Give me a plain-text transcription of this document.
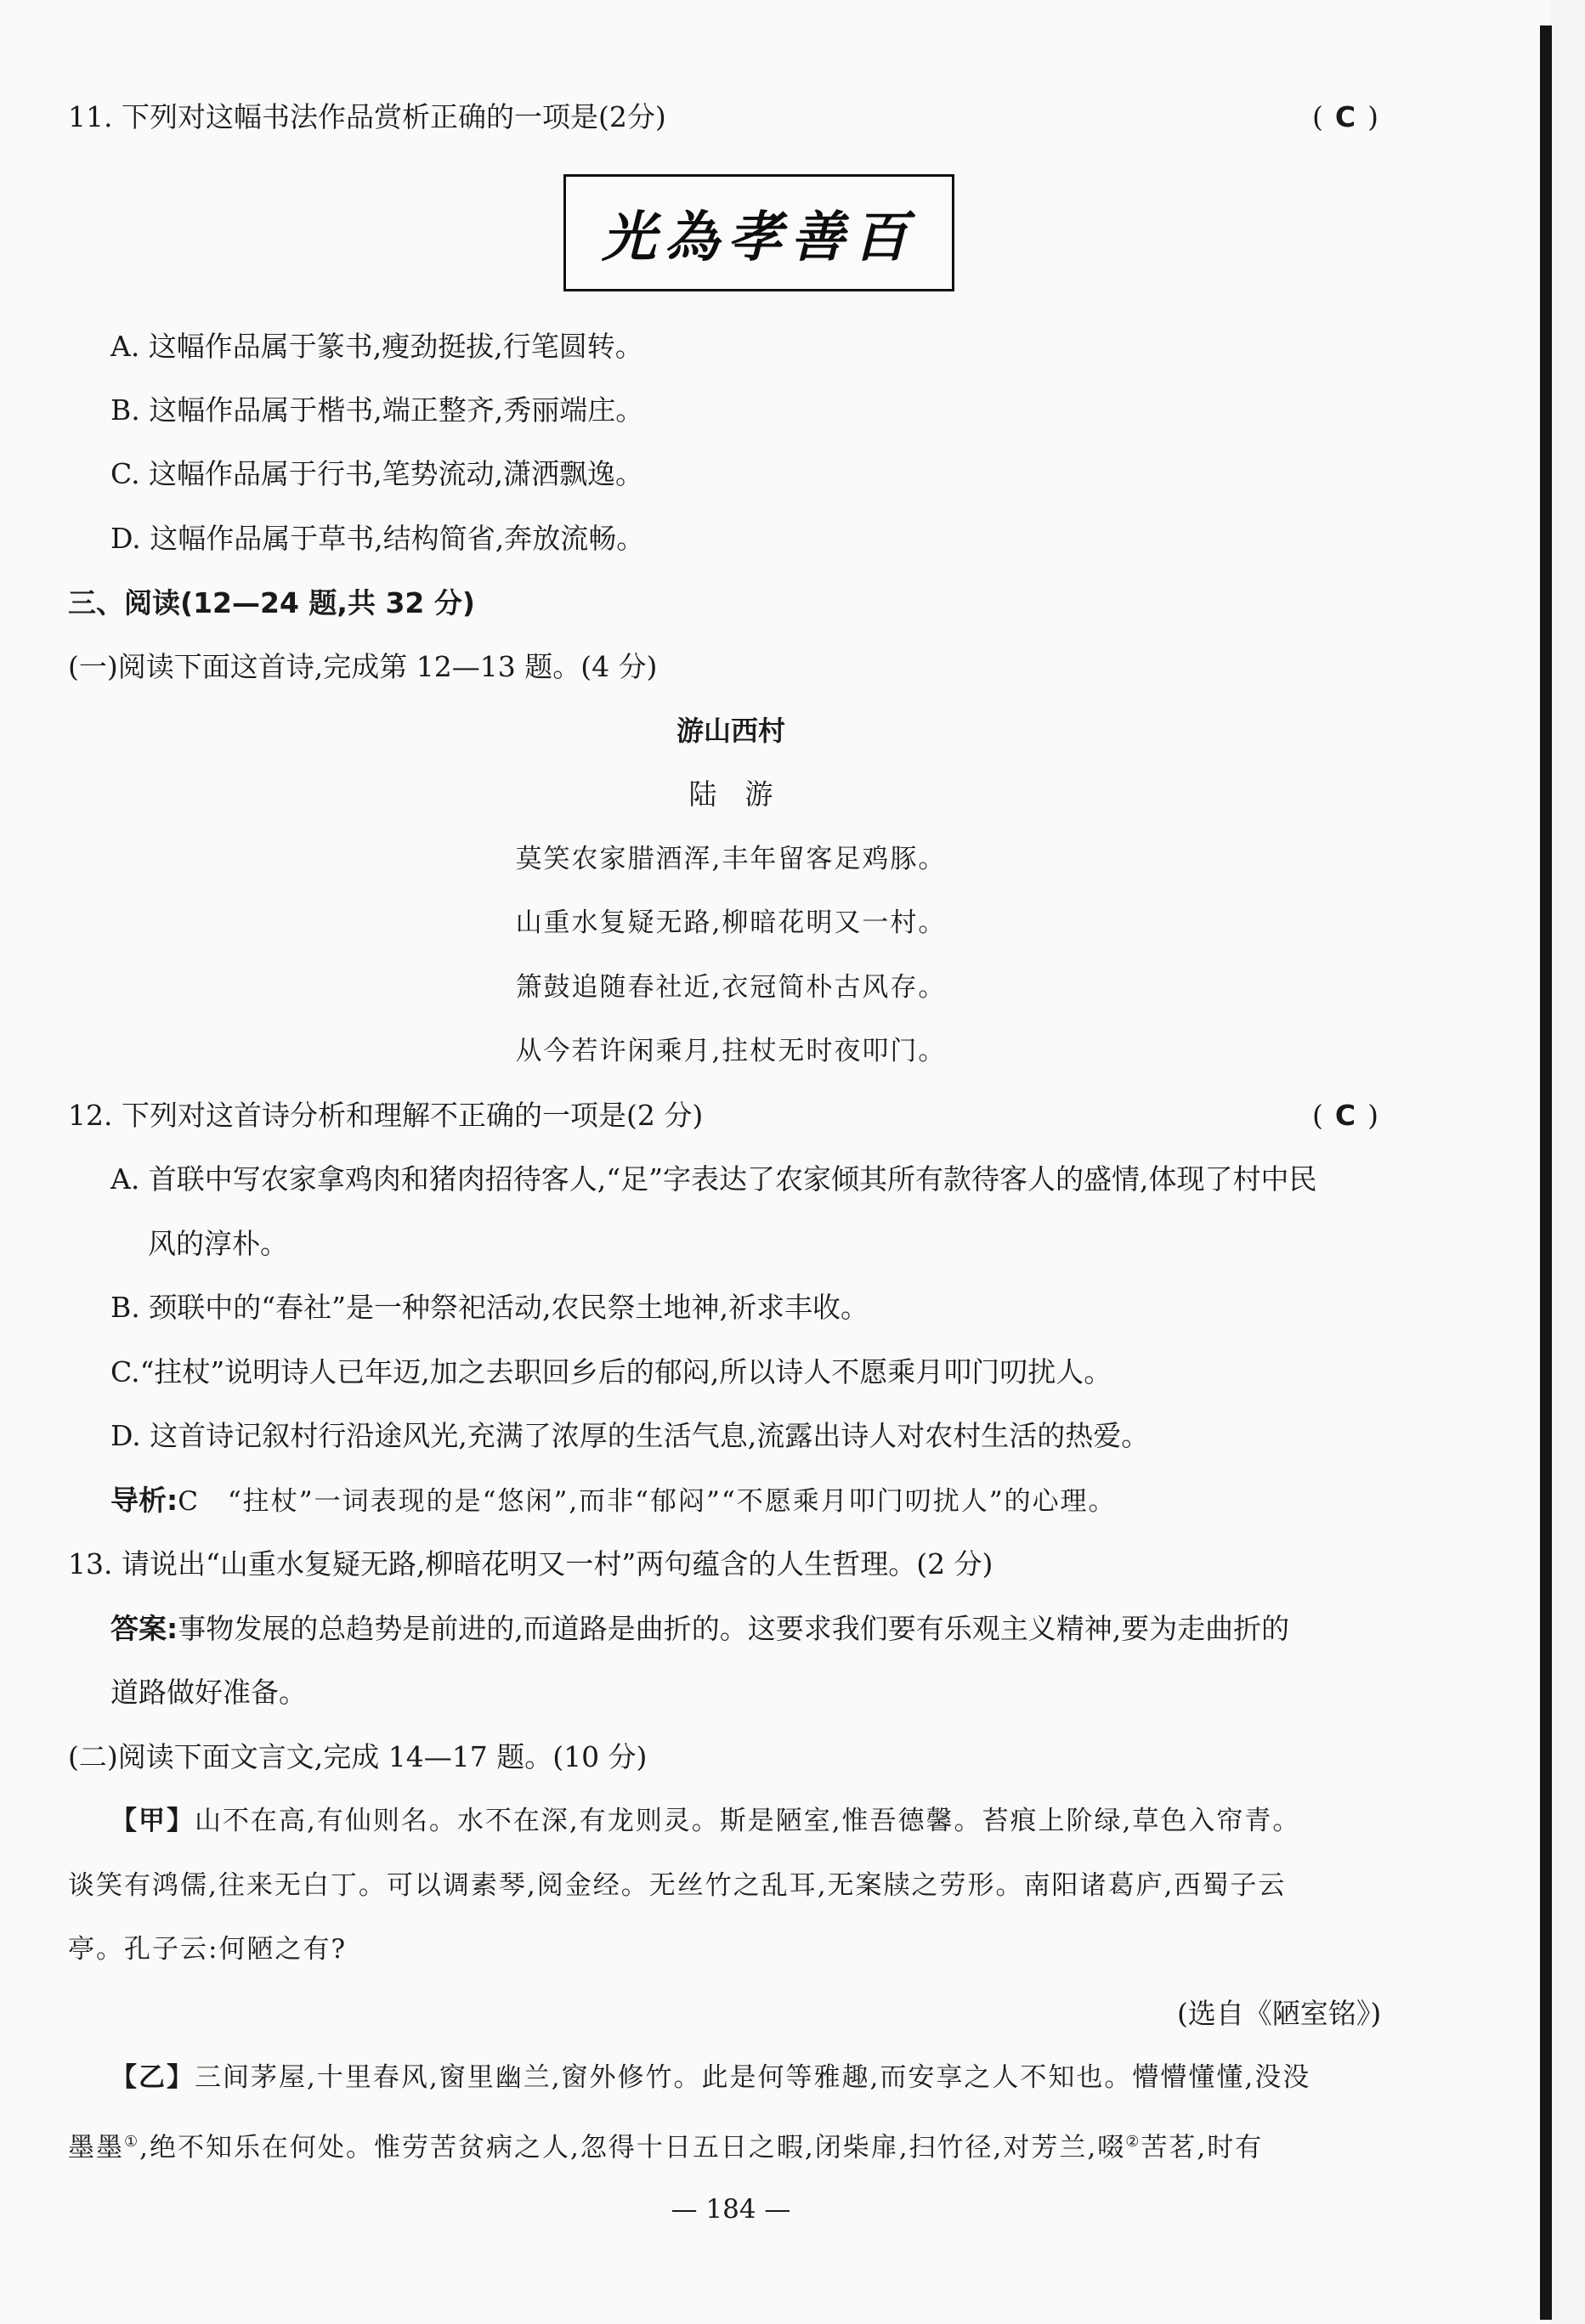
11. 下列对这幅书法作品赏析正确的一项是(2分)	( C )
光為孝善百
A. 这幅作品属于篆书,瘦劲挺拔,行笔圆转。
B. 这幅作品属于楷书,端正整齐,秀丽端庄。
C. 这幅作品属于行书,笔势流动,潇洒飘逸。
D. 这幅作品属于草书,结构简省,奔放流畅。
三、阅读(12—24 题,共 32 分)
(一)阅读下面这首诗,完成第 12—13 题。(4 分)
游山西村
陆　游
莫笑农家腊酒浑,丰年留客足鸡豚。
山重水复疑无路,柳暗花明又一村。
箫鼓追随春社近,衣冠简朴古风存。
从今若许闲乘月,拄杖无时夜叩门。
12. 下列对这首诗分析和理解不正确的一项是(2 分)	( C )
A. 首联中写农家拿鸡肉和猪肉招待客人,“足”字表达了农家倾其所有款待客人的盛情,体现了村中民
风的淳朴。
B. 颈联中的“春社”是一种祭祀活动,农民祭土地神,祈求丰收。
C.“拄杖”说明诗人已年迈,加之去职回乡后的郁闷,所以诗人不愿乘月叩门叨扰人。
D. 这首诗记叙村行沿途风光,充满了浓厚的生活气息,流露出诗人对农村生活的热爱。
导析:C　“拄杖”一词表现的是“悠闲”,而非“郁闷”“不愿乘月叩门叨扰人”的心理。
13. 请说出“山重水复疑无路,柳暗花明又一村”两句蕴含的人生哲理。(2 分)
答案:事物发展的总趋势是前进的,而道路是曲折的。这要求我们要有乐观主义精神,要为走曲折的
道路做好准备。
(二)阅读下面文言文,完成 14—17 题。(10 分)
【甲】山不在高,有仙则名。水不在深,有龙则灵。斯是陋室,惟吾德馨。苔痕上阶绿,草色入帘青。
谈笑有鸿儒,往来无白丁。可以调素琴,阅金经。无丝竹之乱耳,无案牍之劳形。南阳诸葛庐,西蜀子云
亭。孔子云:何陋之有?
(选自《陋室铭》)
【乙】三间茅屋,十里春风,窗里幽兰,窗外修竹。此是何等雅趣,而安享之人不知也。懵懵懂懂,没没
墨墨①,绝不知乐在何处。惟劳苦贫病之人,忽得十日五日之暇,闭柴扉,扫竹径,对芳兰,啜②苦茗,时有
— 184 —
